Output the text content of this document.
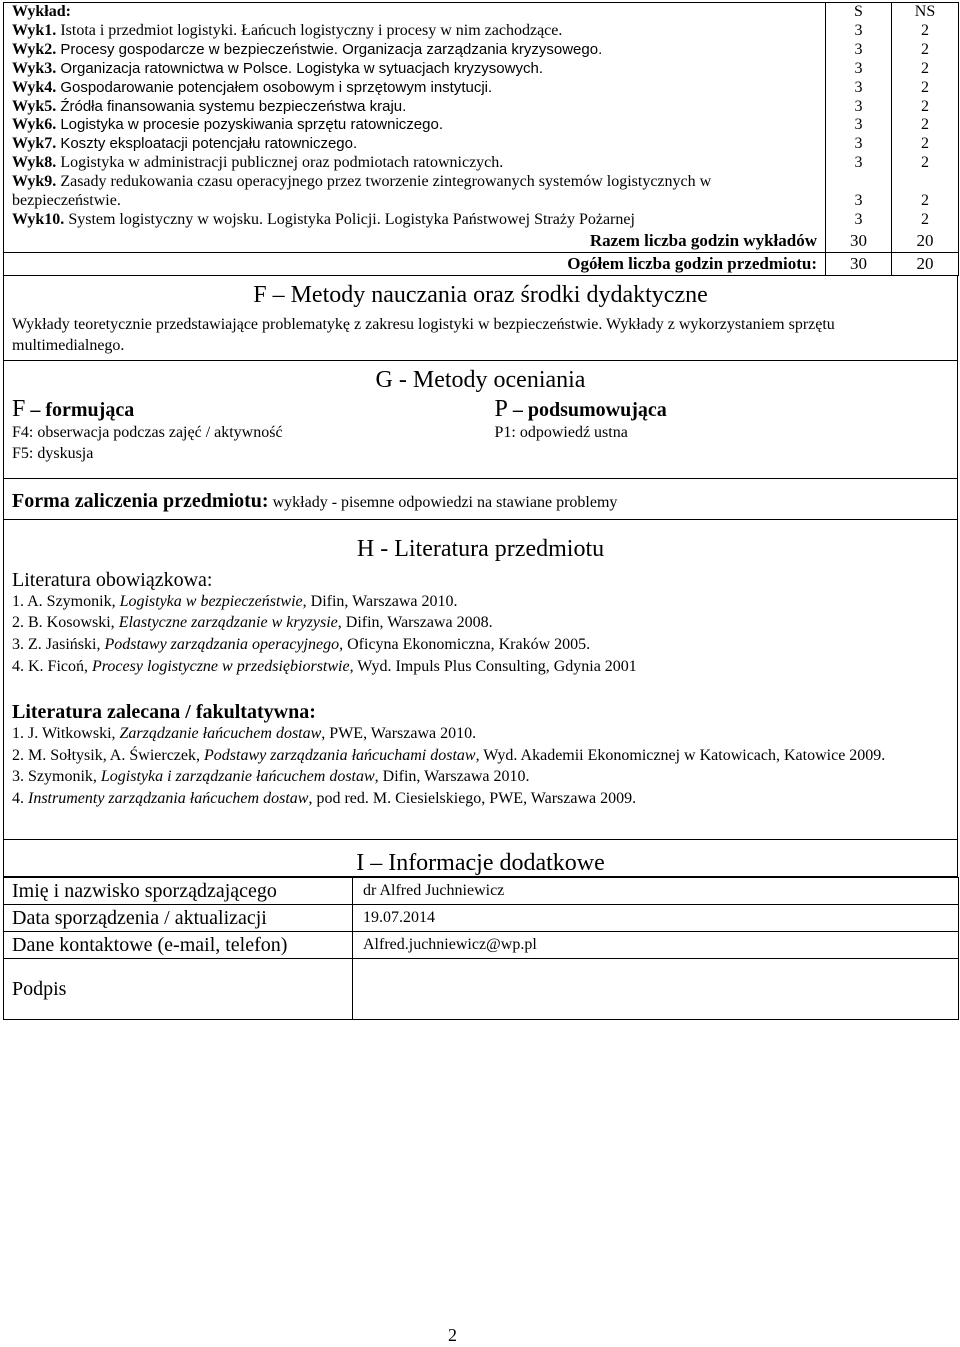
Wykład:	S	NS
Wyk1. Istota i przedmiot logistyki. Łańcuch logistyczny i procesy w nim zachodzące.	3	2
Wyk2. Procesy gospodarcze w bezpieczeństwie. Organizacja zarządzania kryzysowego.	3	2
Wyk3. Organizacja ratownictwa w Polsce. Logistyka w sytuacjach kryzysowych.	3	2
Wyk4. Gospodarowanie potencjałem osobowym i sprzętowym instytucji.	3	2
Wyk5. Źródła finansowania systemu bezpieczeństwa kraju.	3	2
Wyk6. Logistyka w procesie pozyskiwania sprzętu ratowniczego.	3	2
Wyk7. Koszty eksploatacji potencjału ratowniczego.	3	2
Wyk8. Logistyka w administracji publicznej oraz podmiotach ratowniczych.	3	2
Wyk9. Zasady redukowania czasu operacyjnego przez tworzenie zintegrowanych systemów logistycznych w bezpieczeństwie.	3	2
Wyk10. System logistyczny w wojsku. Logistyka Policji. Logistyka Państwowej Straży Pożarnej	3	2
Razem liczba godzin wykładów	30	20
Ogółem liczba godzin przedmiotu:	30	20

F – Metody nauczania oraz środki dydaktyczne

Wykłady teoretycznie przedstawiające problematykę z zakresu logistyki w bezpieczeństwie. Wykłady z wykorzystaniem sprzętu multimedialnego.

G - Metody oceniania

F – formująca
F4: obserwacja podczas zajęć / aktywność
F5: dyskusja
P – podsumowująca
P1: odpowiedź ustna
Forma zaliczenia przedmiotu: wykłady - pisemne odpowiedzi na stawiane problemy

H - Literatura przedmiotu

Literatura obowiązkowa:
1. A. Szymonik, Logistyka w bezpieczeństwie, Difin, Warszawa 2010.
2. B. Kosowski, Elastyczne zarządzanie w kryzysie, Difin, Warszawa 2008.
3. Z. Jasiński, Podstawy zarządzania operacyjnego, Oficyna Ekonomiczna, Kraków 2005.
4. K. Ficoń, Procesy logistyczne w przedsiębiorstwie, Wyd. Impuls Plus Consulting, Gdynia 2001
Literatura zalecana / fakultatywna:
1. J. Witkowski, Zarządzanie łańcuchem dostaw, PWE, Warszawa 2010.
2. M. Sołtysik, A. Świerczek, Podstawy zarządzania łańcuchami dostaw, Wyd. Akademii Ekonomicznej w Katowicach, Katowice 2009.
3. Szymonik, Logistyka i zarządzanie łańcuchem dostaw, Difin, Warszawa 2010.
4. Instrumenty zarządzania łańcuchem dostaw, pod red. M. Ciesielskiego, PWE, Warszawa 2009.

I – Informacje dodatkowe

Imię i nazwisko sporządzającego	dr Alfred Juchniewicz
Data sporządzenia / aktualizacji	19.07.2014
Dane kontaktowe (e-mail, telefon)	Alfred.juchniewicz@wp.pl
Podpis	
2
